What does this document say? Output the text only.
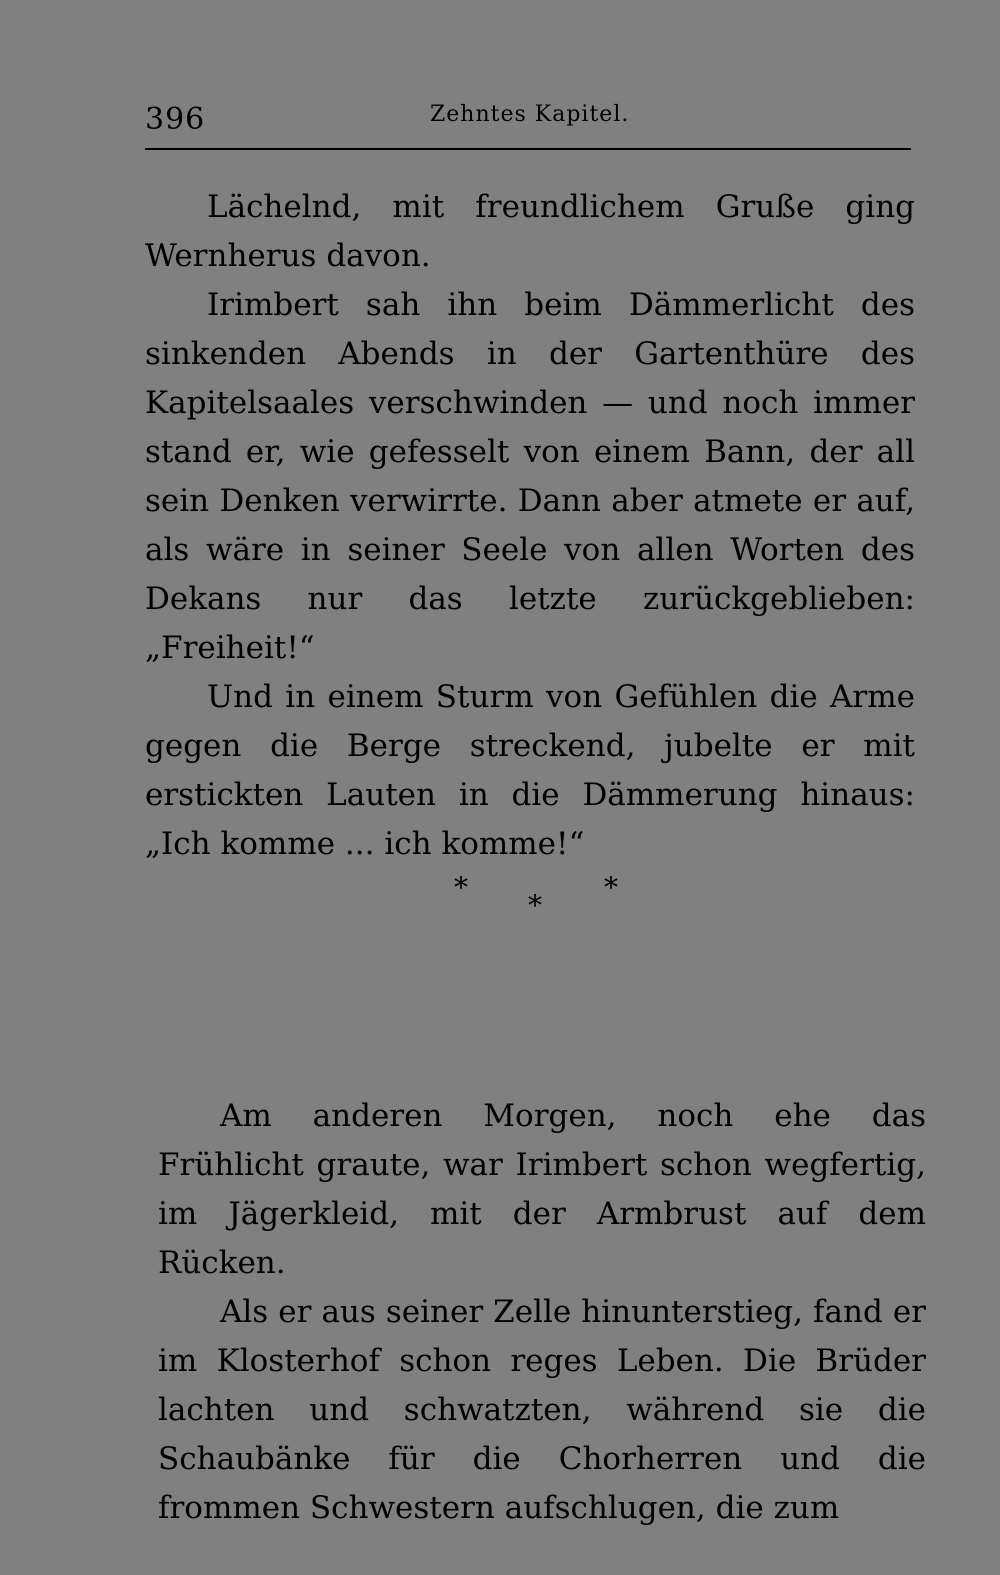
396	Zehntes Kapitel.

Lächelnd, mit freundlichem Gruße ging Wernherus davon.

Irimbert sah ihn beim Dämmerlicht des sinkenden Abends in der Gartenthüre des Kapitelsaales verschwinden — und noch immer stand er, wie gefesselt von einem Bann, der all sein Denken verwirrte. Dann aber atmete er auf, als wäre in seiner Seele von allen Worten des Dekans nur das letzte zurückgeblieben: „Freiheit!“

Und in einem Sturm von Gefühlen die Arme gegen die Berge streckend, jubelte er mit erstickten Lauten in die Dämmerung hinaus: „Ich komme ... ich komme!“

*
*
*

Am anderen Morgen, noch ehe das Frühlicht graute, war Irimbert schon wegfertig, im Jägerkleid, mit der Armbrust auf dem Rücken.

Als er aus seiner Zelle hinunterstieg, fand er im Klosterhof schon reges Leben. Die Brüder lachten und schwatzten, während sie die Schaubänke für die Chorherren und die frommen Schwestern aufschlugen, die zum
